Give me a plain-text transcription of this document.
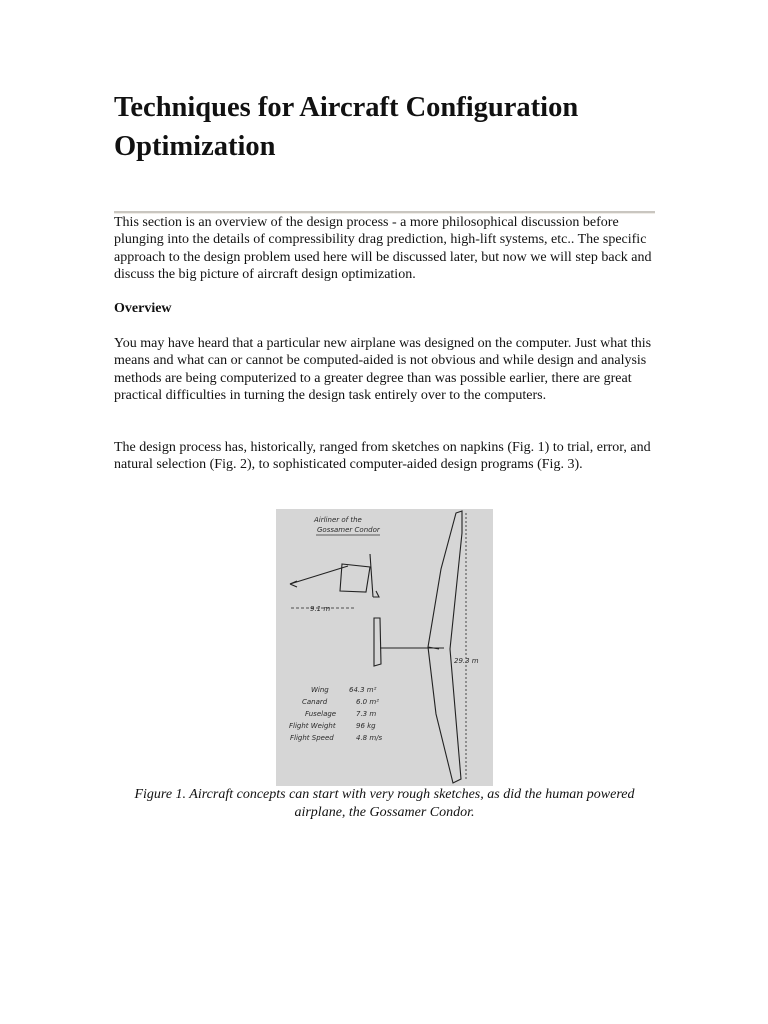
Techniques for Aircraft Configuration Optimization

This section is an overview of the design process - a more philosophical discussion before plunging into the details of compressibility drag prediction, high-lift systems, etc.. The specific approach to the design problem used here will be discussed later, but now we will step back and discuss the big picture of aircraft design optimization.

Overview

You may have heard that a particular new airplane was designed on the computer. Just what this means and what can or cannot be computed-aided is not obvious and while design and analysis methods are being computerized to a greater degree than was possible earlier, there are great practical difficulties in turning the design task entirely over to the computers.

The design process has, historically, ranged from sketches on napkins (Fig. 1) to trial, error, and natural selection (Fig. 2), to sophisticated computer-aided design programs (Fig. 3).

Airliner of the
Gossamer Condor
9.1 m
29.3 m
Wing	64.3 m²
Canard	6.0 m²
Fuselage	7.3 m
Flight Weight	96 kg
Flight Speed	4.8 m/s

Figure 1. Aircraft concepts can start with very rough sketches, as did the human powered airplane, the Gossamer Condor.
